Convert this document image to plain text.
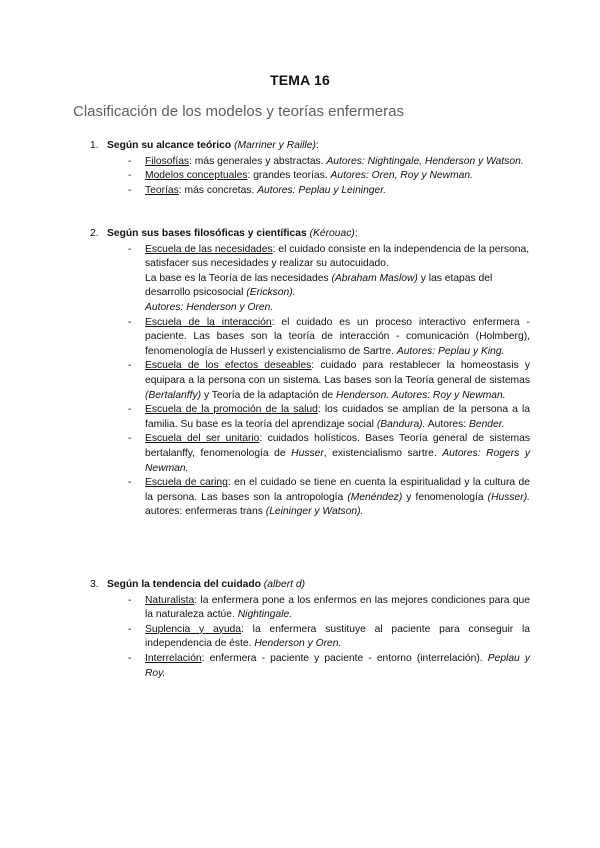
TEMA 16
Clasificación de los modelos y teorías enfermeras
1. Según su alcance teórico (Marriner y Raille):
- Filosofías: más generales y abstractas. Autores: Nightingale, Henderson y Watson.
- Modelos conceptuales: grandes teorías. Autores: Oren, Roy y Newman.
- Teorías: más concretas. Autores: Peplau y Leininger.
2. Según sus bases filosóficas y científicas (Kérouac):
- Escuela de las necesidades: el cuidado consiste en la independencia de la persona, satisfacer sus necesidades y realizar su autocuidado.
La base es la Teoría de las necesidades (Abraham Maslow) y las etapas del desarrollo psicosocial (Erickson).
Autores: Henderson y Oren.
- Escuela de la interacción: el cuidado es un proceso interactivo enfermera - paciente. Las bases son la teoría de interacción - comunicación (Holmberg), fenomenología de Husserl y existencialismo de Sartre. Autores: Peplau y King.
- Escuela de los efectos deseables: cuidado para restablecer la homeostasis y equipara a la persona con un sistema. Las bases son la Teoría general de sistemas (Bertalanffy) y Teoría de la adaptación de Henderson. Autores: Roy y Newman.
- Escuela de la promoción de la salud: los cuidados se amplían de la persona a la familia. Su base es la teoría del aprendizaje social (Bandura). Autores: Bender.
- Escuela del ser unitario: cuidados holísticos. Bases Teoría general de sistemas bertalanffy, fenomenología de Husser, existencialismo sartre. Autores: Rogers y Newman.
- Escuela de caring: en el cuidado se tiene en cuenta la espiritualidad y la cultura de la persona. Las bases son la antropología (Menéndez) y fenomenología (Husser). autores: enfermeras trans (Leininger y Watson).
3. Según la tendencia del cuidado (albert d)
- Naturalista: la enfermera pone a los enfermos en las mejores condiciones para que la naturaleza actúe. Nightingale.
- Suplencia y ayuda: la enfermera sustituye al paciente para conseguir la independencia de éste. Henderson y Oren.
- Interrelación: enfermera - paciente y paciente - entorno (interrelación). Peplau y Roy.
